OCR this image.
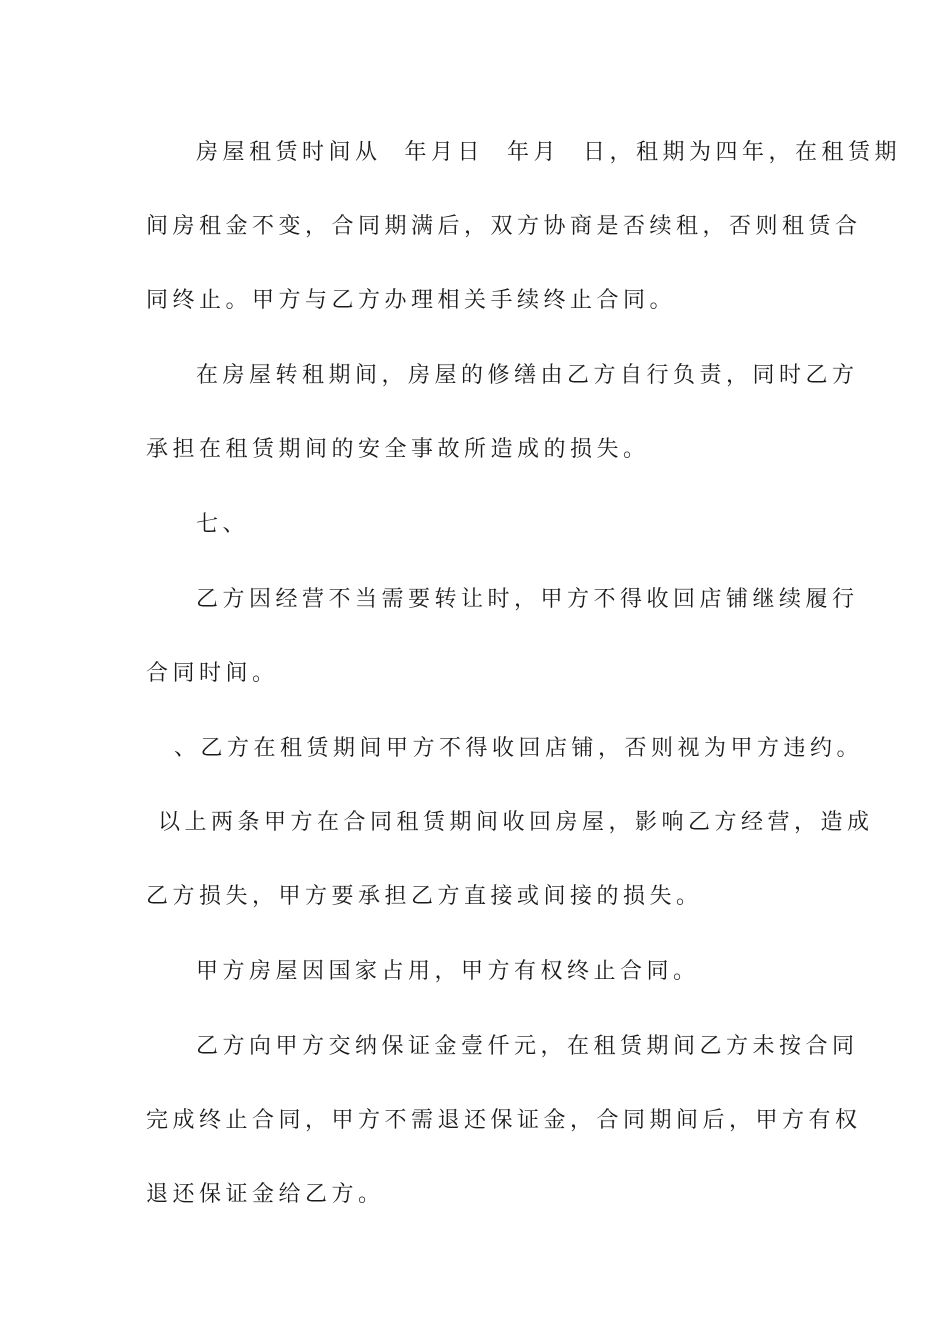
房屋租赁时间从  年月日  年月  日，租期为四年，在租赁期
间房租金不变，合同期满后，双方协商是否续租，否则租赁合
同终止。甲方与乙方办理相关手续终止合同。
在房屋转租期间，房屋的修缮由乙方自行负责，同时乙方
承担在租赁期间的安全事故所造成的损失。
七、
乙方因经营不当需要转让时，甲方不得收回店铺继续履行
合同时间。
、乙方在租赁期间甲方不得收回店铺，否则视为甲方违约。
以上两条甲方在合同租赁期间收回房屋，影响乙方经营，造成
乙方损失，甲方要承担乙方直接或间接的损失。
甲方房屋因国家占用，甲方有权终止合同。
乙方向甲方交纳保证金壹仟元，在租赁期间乙方未按合同
完成终止合同，甲方不需退还保证金，合同期间后，甲方有权
退还保证金给乙方。
